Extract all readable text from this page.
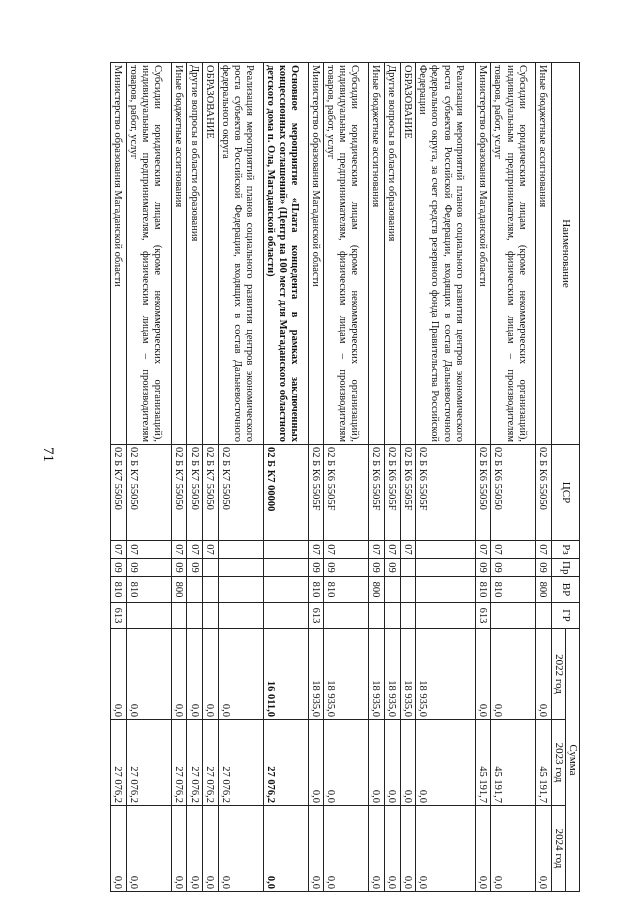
71
Наименование	ЦСР	Рз	Пр	ВР	ГР	Сумма		
						2022 год	2023 год	2024 год
Иные бюджетные ассигнования	02 Б К6 55050	07	09	800		0,0	45 191,7	0,0
Субсидии юридическим лицам (кроме некоммерческих организаций), индивидуальным предпринимателям, физическим лицам – производителям товаров, работ, услуг	02 Б К6 55050	07	09	810		0,0	45 191,7	0,0
Министерство образования Магаданской области	02 Б К6 55050	07	09	810	613	0,0	45 191,7	0,0
Реализация мероприятий планов социального развития центров экономического роста субъектов Российской Федерации, входящих в состав Дальневосточного федерального округа, за счет средств резервного фонда Правительства Российской Федерации	02 Б К6 5505F					18 935,0	0,0	0,0
ОБРАЗОВАНИЕ	02 Б К6 5505F	07				18 935,0	0,0	0,0
Другие вопросы в области образования	02 Б К6 5505F	07	09			18 935,0	0,0	0,0
Иные бюджетные ассигнования	02 Б К6 5505F	07	09	800		18 935,0	0,0	0,0
Субсидии юридическим лицам (кроме некоммерческих организаций), индивидуальным предпринимателям, физическим лицам – производителям товаров, работ, услуг	02 Б К6 5505F	07	09	810		18 935,0	0,0	0,0
Министерство образования Магаданской области	02 Б К6 5505F	07	09	810	613	18 935,0	0,0	0,0
Основное мероприятие «Плата концедента в рамках заключенных концессионных соглашений» (Центр на 100 мест для Магаданского областного детского дома п. Ола, Магаданской области)	02 Б К7 00000					16 011,0	27 076,2	0,0
Реализация мероприятий планов социального развития центров экономического роста субъектов Российской Федерации, входящих в состав Дальневосточного федерального округа	02 Б К7 55050					0,0	27 076,2	0,0
ОБРАЗОВАНИЕ	02 Б К7 55050	07				0,0	27 076,2	0,0
Другие вопросы в области образования	02 Б К7 55050	07	09			0,0	27 076,2	0,0
Иные бюджетные ассигнования	02 Б К7 55050	07	09	800		0,0	27 076,2	0,0
Субсидии юридическим лицам (кроме некоммерческих организаций), индивидуальным предпринимателям, физическим лицам – производителям товаров, работ, услуг	02 Б К7 55050	07	09	810		0,0	27 076,2	0,0
Министерство образования Магаданской области	02 Б К7 55050	07	09	810	613	0,0	27 076,2	0,0
